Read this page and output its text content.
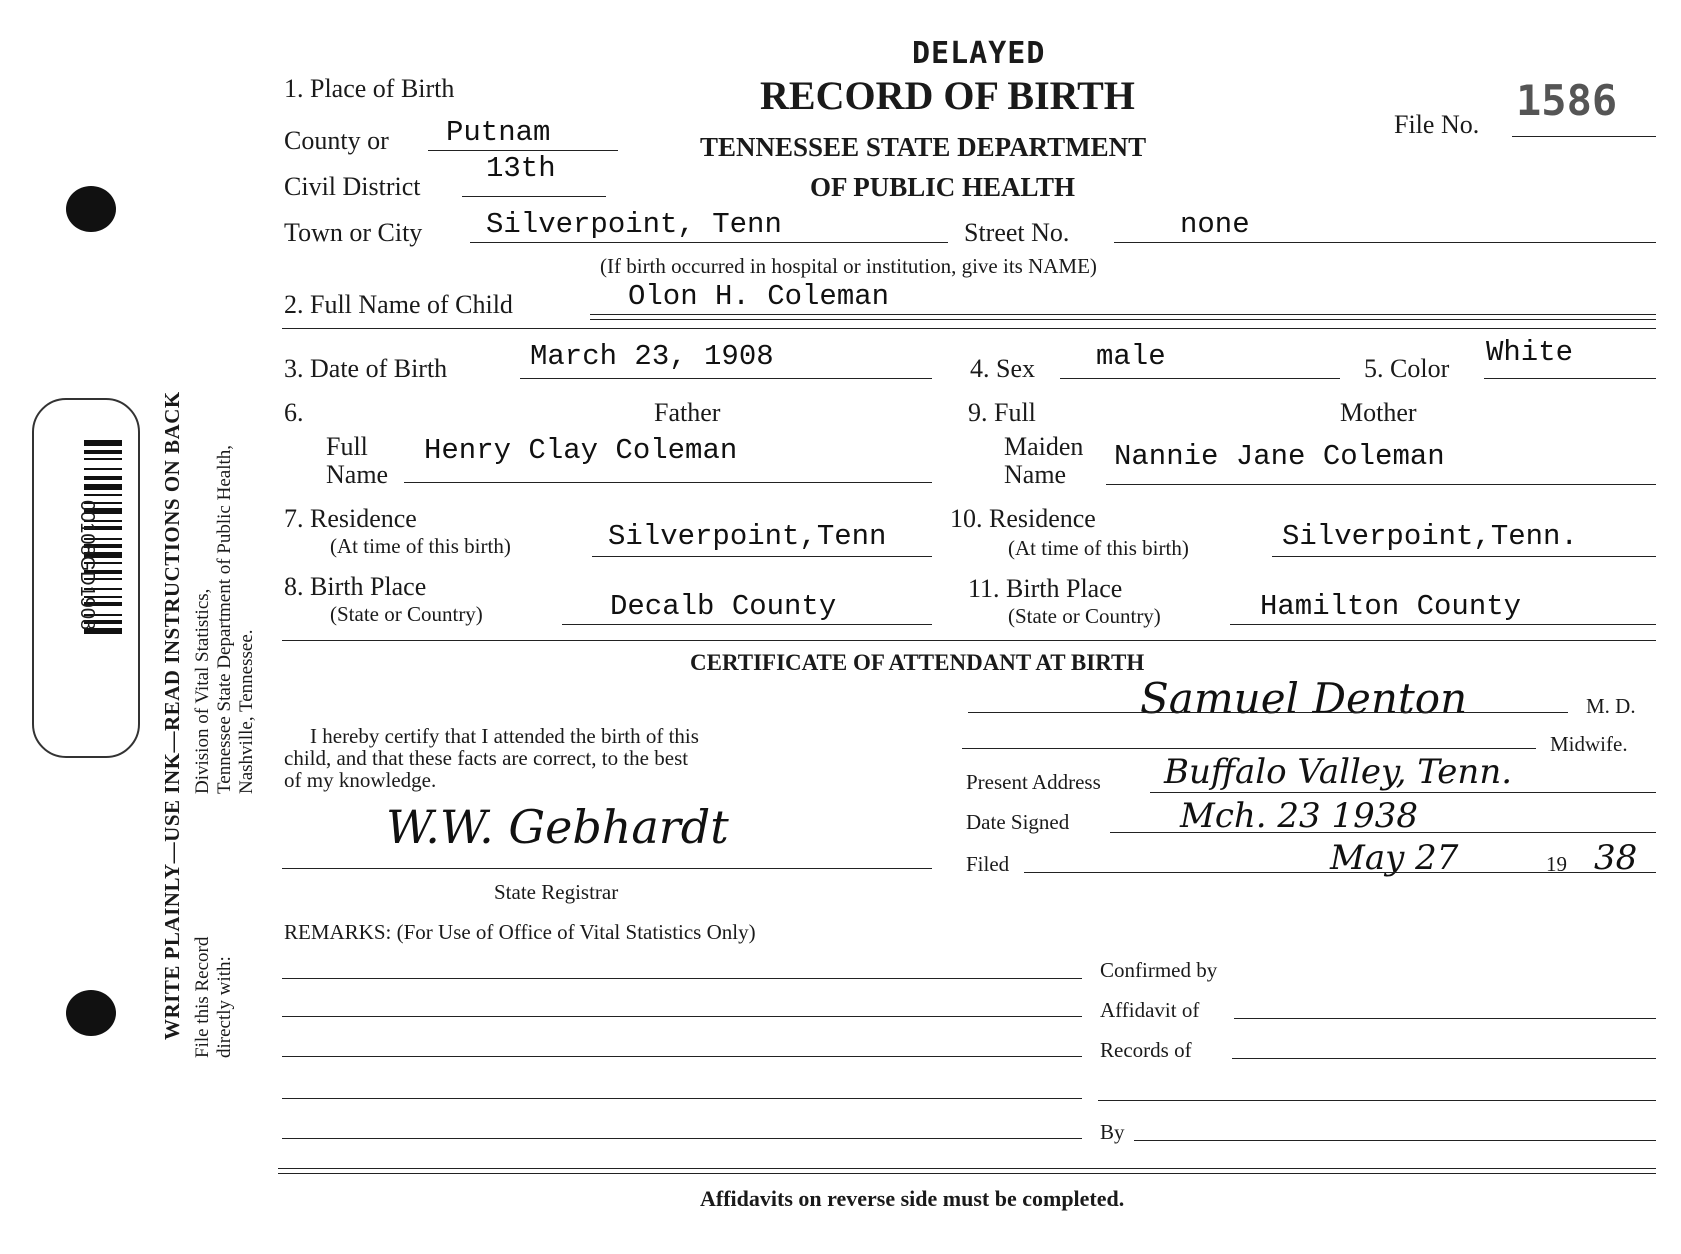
00108GD1908	WRITE PLAINLY—USE INK—READ INSTRUCTIONS ON BACK File this Record directly with:
Division of Vital Statistics, Tennessee State Department of Public Health, Nashville, Tennessee.
DELAYED
RECORD OF BIRTH
TENNESSEE STATE DEPARTMENT
OF PUBLIC HEALTH
File No. 1586
1. Place of Birth
County or Putnam
Civil District
13th
Town or City Silverpoint, Tenn	Street No.	none
(If birth occurred in hospital or institution, give its NAME)
2. Full Name of Child	Olon H. Coleman
3. Date of Birth	March 23, 1908	4. Sex male	5. Color White
6.	Father
Full
Name
Henry Clay Coleman
7. Residence
(At time of this birth)	Silverpoint,Tenn
8. Birth Place
(State or Country)	Decalb County
9. Full	Mother
Maiden
Name
Nannie Jane Coleman
10. Residence
(At time of this birth)	Silverpoint,Tenn.
11. Birth Place
(State or Country)	Hamilton County
CERTIFICATE OF ATTENDANT AT BIRTH
Samuel Denton	M. D.
Midwife.
I hereby certify that I attended the birth of this
child, and that these facts are correct, to the best
of my knowledge.	Present Address Buffalo Valley, Tenn.
Date Signed	Mch. 23 1938
Filed	May 27	19 38
W.W. Gebhardt
State Registrar
REMARKS: (For Use of Office of Vital Statistics Only)
Confirmed by
Affidavit of
Records of
By
Affidavits on reverse side must be completed.
